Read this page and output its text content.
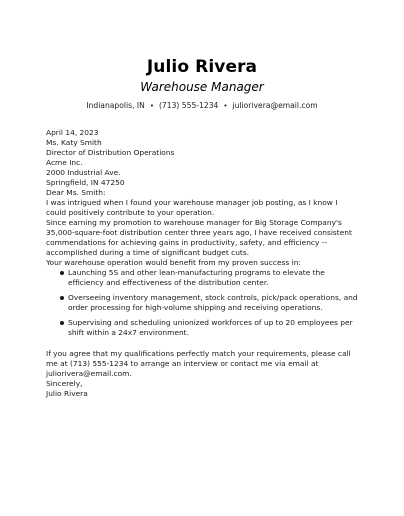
Julio Rivera
Warehouse Manager
Indianapolis, IN • (713) 555-1234 • juliorivera@email.com

April 14, 2023

Ms. Katy Smith
Director of Distribution Operations
Acme Inc.
2000 Industrial Ave.
Springfield, IN 47250

Dear Ms. Smith:

I was intrigued when I found your warehouse manager job posting, as I know I
could positively contribute to your operation.

Since earning my promotion to warehouse manager for Big Storage Company's
35,000-square-foot distribution center three years ago, I have received consistent
commendations for achieving gains in productivity, safety, and efficiency --
accomplished during a time of significant budget cuts.

Your warehouse operation would benefit from my proven success in:

Launching 5S and other lean-manufacturing programs to elevate the
efficiency and effectiveness of the distribution center.
Overseeing inventory management, stock controls, pick/pack operations, and
order processing for high-volume shipping and receiving operations.
Supervising and scheduling unionized workforces of up to 20 employees per
shift within a 24x7 environment.

If you agree that my qualifications perfectly match your requirements, please call
me at (713) 555-1234 to arrange an interview or contact me via email at
juliorivera@email.com.

Sincerely,
Julio Rivera
